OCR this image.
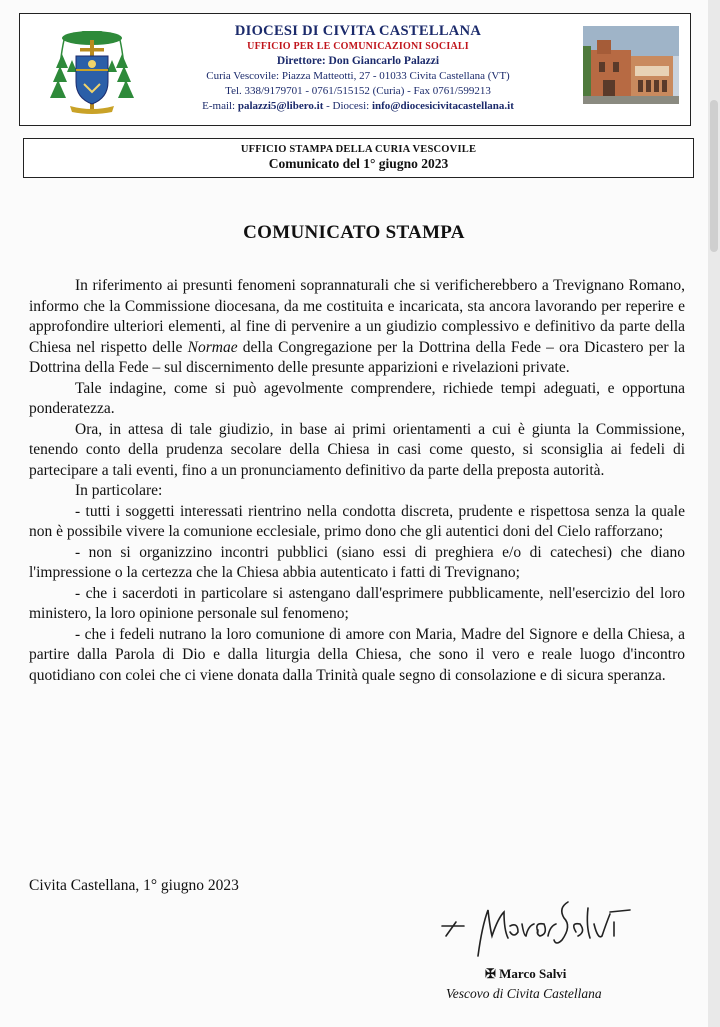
DIOCESI DI CIVITA CASTELLANA
UFFICIO PER LE COMUNICAZIONI SOCIALI
Direttore: Don Giancarlo Palazzi
Curia Vescovile: Piazza Matteotti, 27 - 01033 Civita Castellana (VT)
Tel. 338/9179701 - 0761/515152 (Curia) - Fax 0761/599213
E-mail: palazzi5@libero.it - Diocesi: info@diocesicivitacastellana.it
UFFICIO STAMPA DELLA CURIA VESCOVILE
Comunicato del 1° giugno 2023
COMUNICATO STAMPA

In riferimento ai presunti fenomeni soprannaturali che si verificherebbero a Trevignano Romano, informo che la Commissione diocesana, da me costituita e incaricata, sta ancora lavorando per reperire e approfondire ulteriori elementi, al fine di pervenire a un giudizio complessivo e definitivo da parte della Chiesa nel rispetto delle Normae della Congregazione per la Dottrina della Fede – ora Dicastero per la Dottrina della Fede – sul discernimento delle presunte apparizioni e rivelazioni private.

Tale indagine, come si può agevolmente comprendere, richiede tempi adeguati, e opportuna ponderatezza.

Ora, in attesa di tale giudizio, in base ai primi orientamenti a cui è giunta la Commissione, tenendo conto della prudenza secolare della Chiesa in casi come questo, si sconsiglia ai fedeli di partecipare a tali eventi, fino a un pronunciamento definitivo da parte della preposta autorità.

In particolare:

- tutti i soggetti interessati rientrino nella condotta discreta, prudente e rispettosa senza la quale non è possibile vivere la comunione ecclesiale, primo dono che gli autentici doni del Cielo rafforzano;

- non si organizzino incontri pubblici (siano essi di preghiera e/o di catechesi) che diano l'impressione o la certezza che la Chiesa abbia autenticato i fatti di Trevignano;

- che i sacerdoti in particolare si astengano dall'esprimere pubblicamente, nell'esercizio del loro ministero, la loro opinione personale sul fenomeno;

- che i fedeli nutrano la loro comunione di amore con Maria, Madre del Signore e della Chiesa, a partire dalla Parola di Dio e dalla liturgia della Chiesa, che sono il vero e reale luogo d'incontro quotidiano con colei che ci viene donata dalla Trinità quale segno di consolazione e di sicura speranza.

Civita Castellana, 1° giugno 2023
✠ Marco Salvi
Vescovo di Civita Castellana
